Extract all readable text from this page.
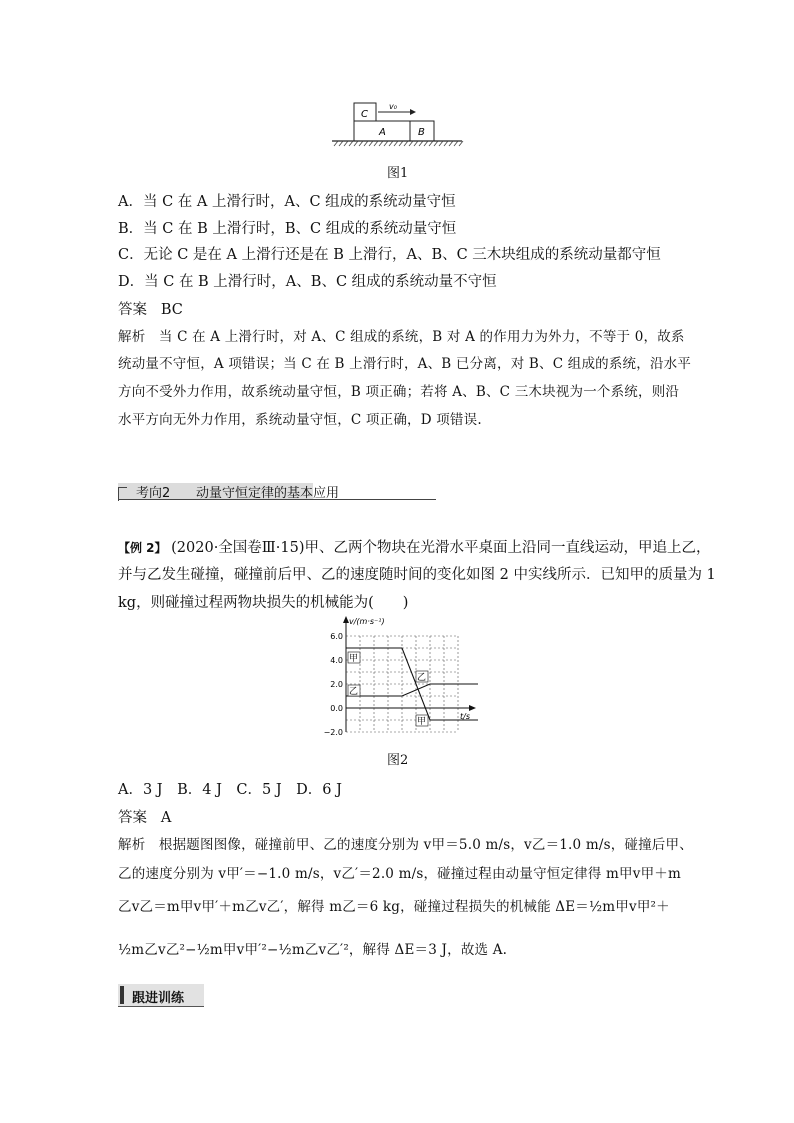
C
v₀
A	B
图1
A．当 C 在 A 上滑行时，A、C 组成的系统动量守恒
B．当 C 在 B 上滑行时，B、C 组成的系统动量守恒
C．无论 C 是在 A 上滑行还是在 B 上滑行，A、B、C 三木块组成的系统动量都守恒
D．当 C 在 B 上滑行时，A、B、C 组成的系统动量不守恒
答案 BC
解析 当 C 在 A 上滑行时，对 A、C 组成的系统，B 对 A 的作用力为外力，不等于 0，故系
统动量不守恒，A 项错误；当 C 在 B 上滑行时，A、B 已分离，对 B、C 组成的系统，沿水平
方向不受外力作用，故系统动量守恒，B 项正确；若将 A、B、C 三木块视为一个系统，则沿
水平方向无外力作用，系统动量守恒，C 项正确，D 项错误.
考向2 动量守恒定律的基本应用
【例 2】 (2020·全国卷Ⅲ·15)甲、乙两个物块在光滑水平桌面上沿同一直线运动，甲追上乙，
并与乙发生碰撞，碰撞前后甲、乙的速度随时间的变化如图 2 中实线所示．已知甲的质量为 1
kg，则碰撞过程两物块损失的机械能为(　　)
v/(m·s⁻¹)
t/s
6.0
4.0
2.0
0.0
−2.0
甲
乙
乙
甲
图2
A．3 J　B．4 J　C．5 J　D．6 J
答案 A
解析 根据题图图像，碰撞前甲、乙的速度分别为 v甲＝5.0 m/s，v乙＝1.0 m/s，碰撞后甲、
乙的速度分别为 v甲′＝−1.0 m/s，v乙′＝2.0 m/s，碰撞过程由动量守恒定律得 m甲v甲＋m
乙v乙＝m甲v甲′＋m乙v乙′，解得 m乙＝6 kg，碰撞过程损失的机械能 ΔE＝½m甲v甲²＋
½m乙v乙²−½m甲v甲′²−½m乙v乙′²，解得 ΔE＝3 J，故选 A.
跟进训练
